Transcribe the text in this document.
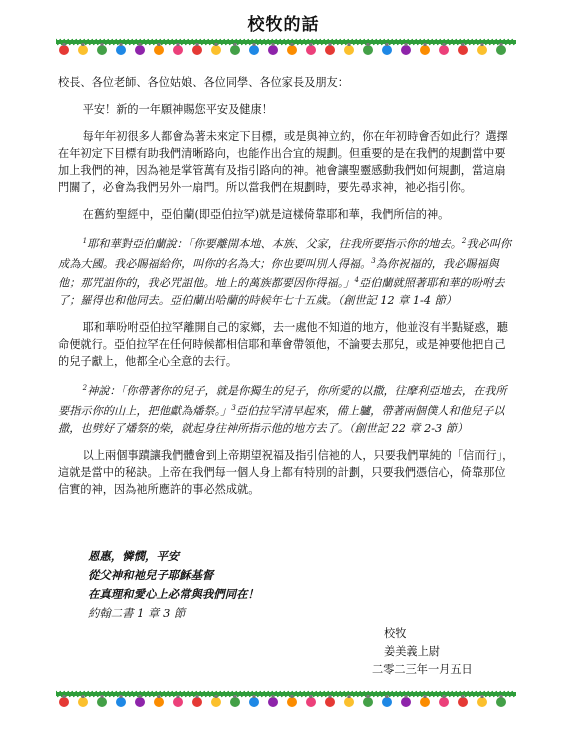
校牧的話

校長、各位老師、各位姑娘、各位同學、各位家長及朋友：

平安！新的一年願神賜您平安及健康！

每年年初很多人都會為著未來定下目標，或是與神立約，你在年初時會否如此行？選擇在年初定下目標有助我們清晰路向，也能作出合宜的規劃。但重要的是在我們的規劃當中要加上我們的神，因為祂是掌管萬有及指引路向的神。祂會讓聖靈感動我們如何規劃，當這扇門關了，必會為我們另外一扇門。所以當我們在規劃時，要先尋求神，祂必指引你。

在舊約聖經中，亞伯蘭(即亞伯拉罕)就是這樣倚靠耶和華，我們所信的神。

$^1$耶和華對亞伯蘭說：「你要離開本地、本族、父家，往我所要指示你的地去。$^2$我必叫你成為大國。我必賜福給你，叫你的名為大；你也要叫別人得福。$^3$為你祝福的，我必賜福與他；那咒詛你的，我必咒詛他。地上的萬族都要因你得福。」$^4$亞伯蘭就照著耶和華的吩咐去了；羅得也和他同去。亞伯蘭出哈蘭的時候年七十五歲。（創世記 12 章 1-4 節）

耶和華吩咐亞伯拉罕離開自己的家鄉，去一處他不知道的地方，他並沒有半點疑惑，聽命便就行。亞伯拉罕在任何時候都相信耶和華會帶領他，不論要去那兒，或是神要他把自己的兒子獻上，他都全心全意的去行。

$^2$神說：「你帶著你的兒子，就是你獨生的兒子，你所愛的以撒，往摩利亞地去，在我所要指示你的山上，把他獻為燔祭。」$^3$亞伯拉罕清早起來，備上驢，帶著兩個僕人和他兒子以撒，也劈好了燔祭的柴，就起身往神所指示他的地方去了。（創世記 22 章 2-3 節）

以上兩個事蹟讓我們體會到上帝期望祝福及指引信祂的人，只要我們單純的「信而行」，這就是當中的秘訣。上帝在我們每一個人身上都有特別的計劃，只要我們憑信心，倚靠那位信實的神，因為祂所應許的事必然成就。

恩惠，憐憫，平安
從父神和祂兒子耶穌基督
在真理和愛心上必常與我們同在！
約翰二書 1 章 3 節
校牧
姜美義上尉
二零二三年一月五日
